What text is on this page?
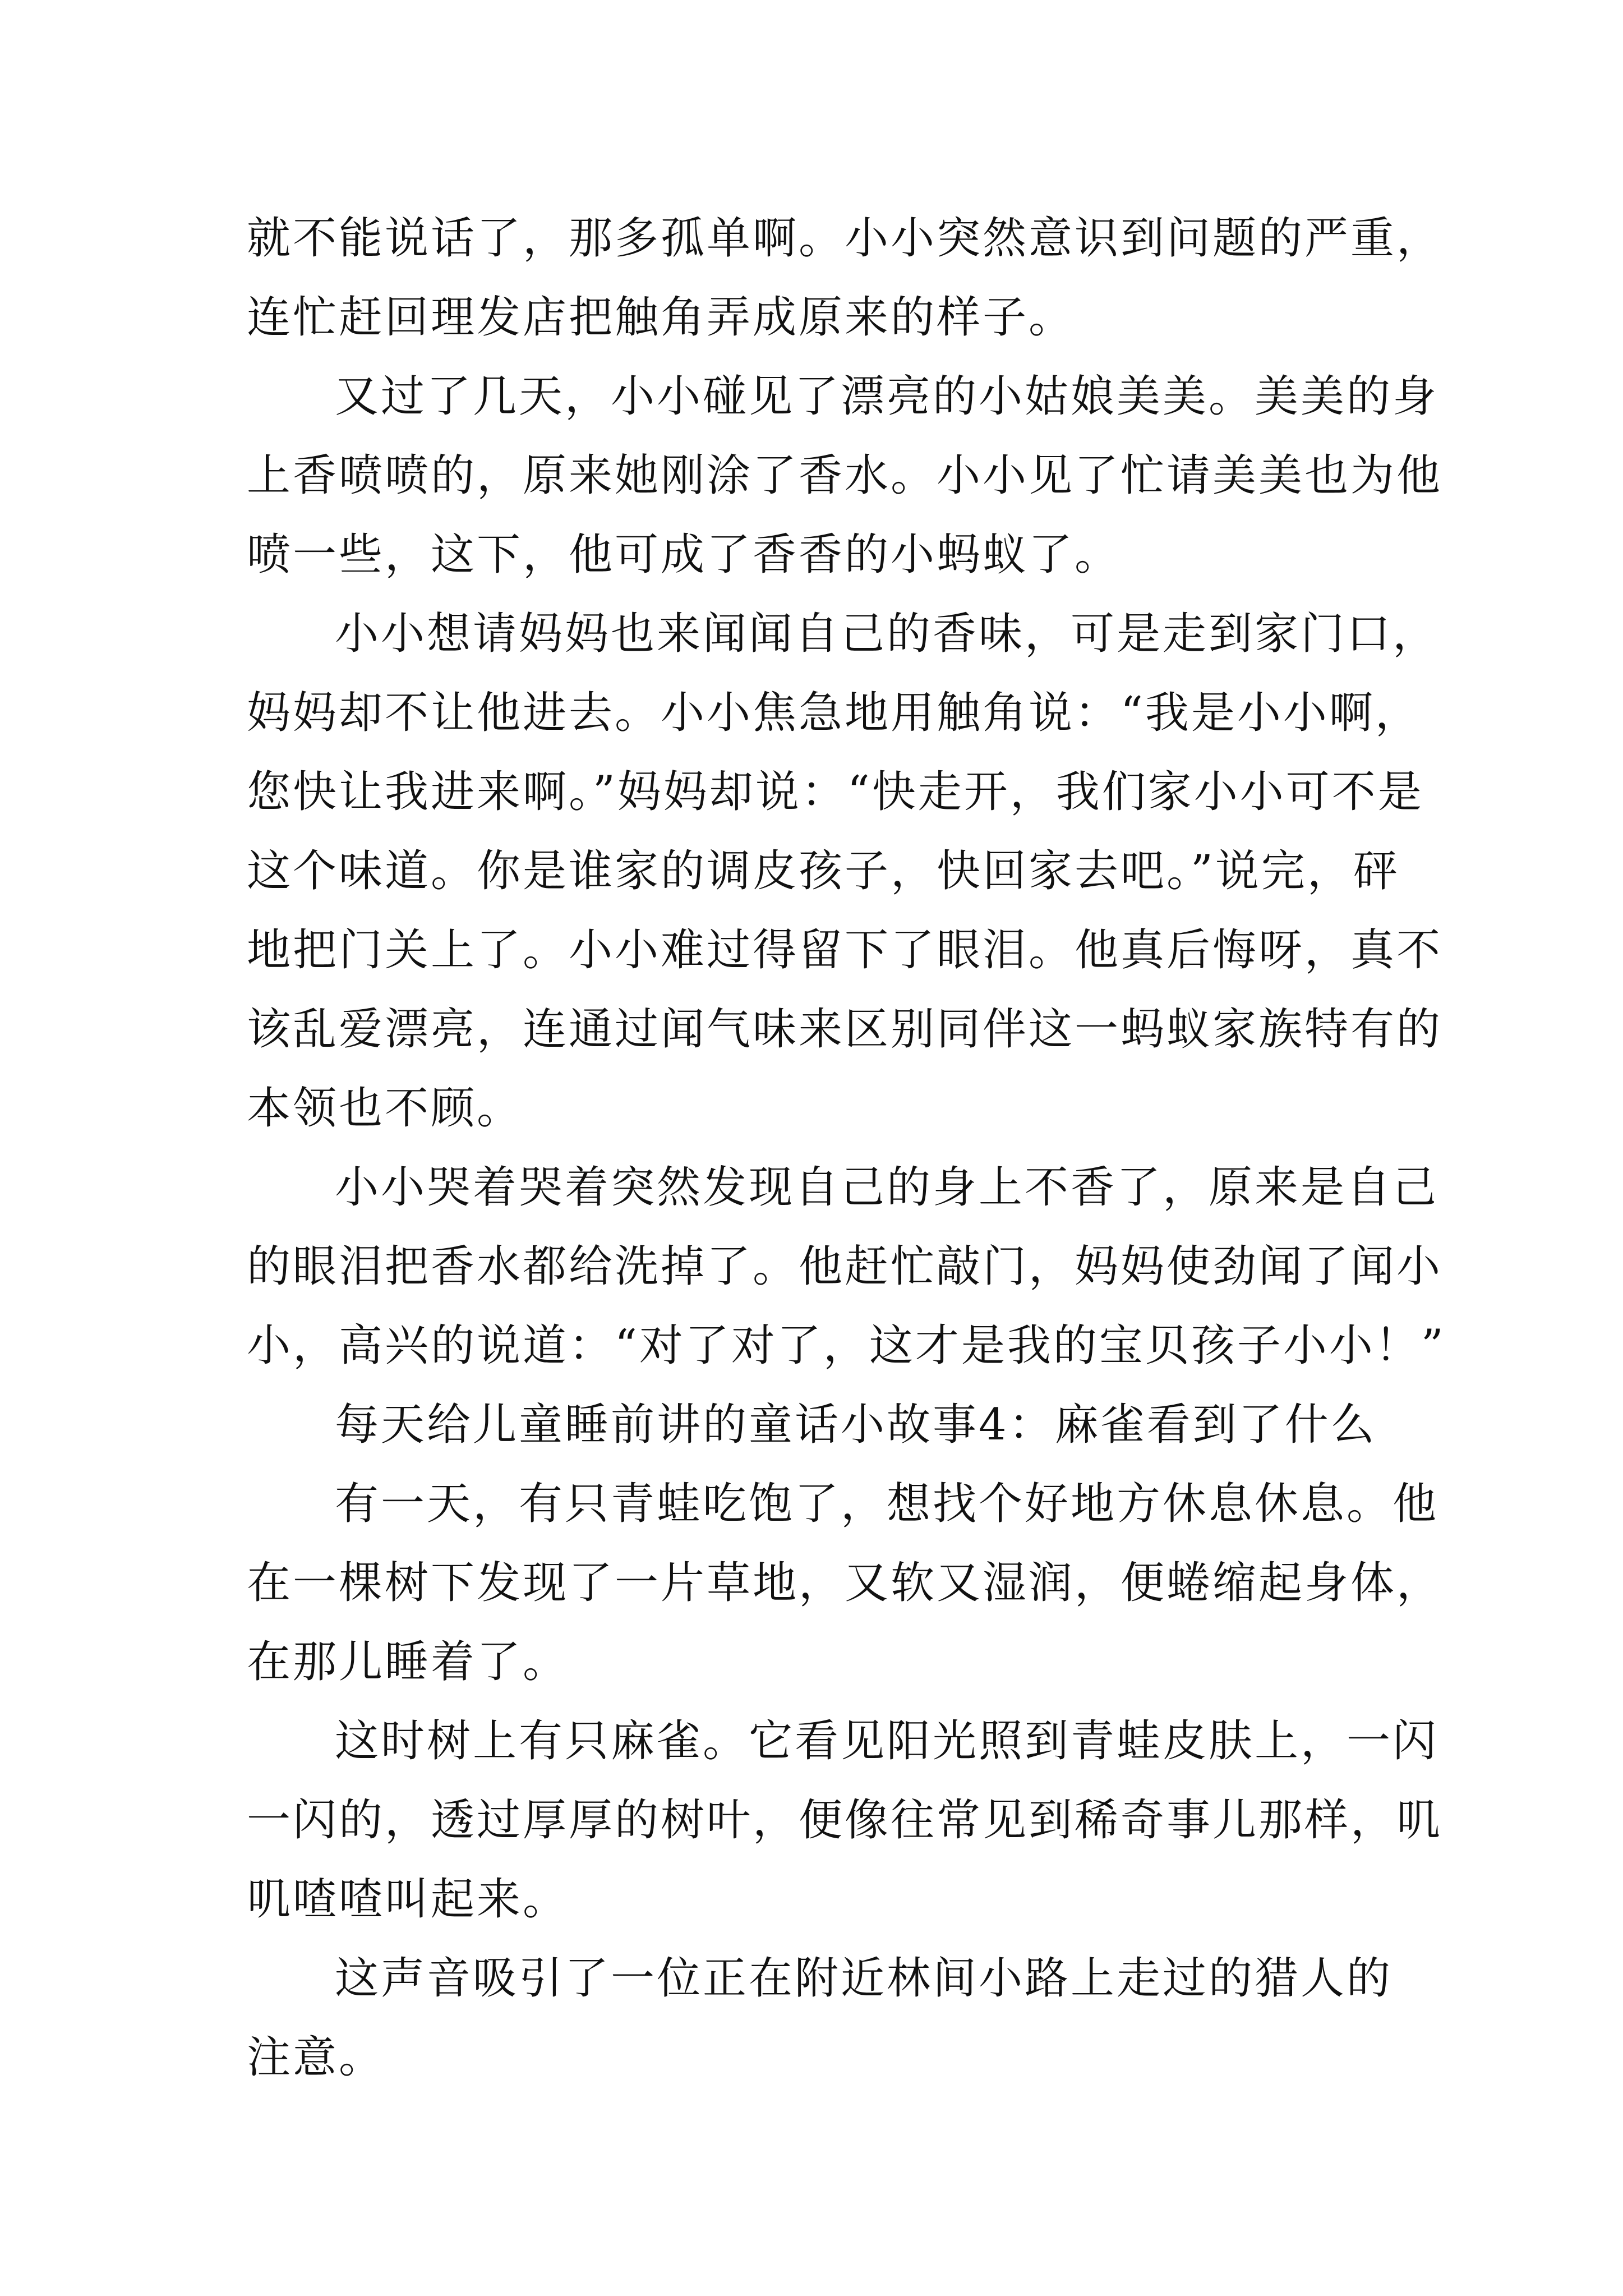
就不能说话了，那多孤单啊。小小突然意识到问题的严重，
连忙赶回理发店把触角弄成原来的样子。
又过了几天，小小碰见了漂亮的小姑娘美美。美美的身
上香喷喷的，原来她刚涂了香水。小小见了忙请美美也为他
喷一些，这下，他可成了香香的小蚂蚁了。
小小想请妈妈也来闻闻自己的香味，可是走到家门口，
妈妈却不让他进去。小小焦急地用触角说：“我是小小啊，
您快让我进来啊。”妈妈却说：“快走开，我们家小小可不是
这个味道。你是谁家的调皮孩子，快回家去吧。”说完，砰
地把门关上了。小小难过得留下了眼泪。他真后悔呀，真不
该乱爱漂亮，连通过闻气味来区别同伴这一蚂蚁家族特有的
本领也不顾。
小小哭着哭着突然发现自己的身上不香了，原来是自己
的眼泪把香水都给洗掉了。他赶忙敲门，妈妈使劲闻了闻小
小，高兴的说道：“对了对了，这才是我的宝贝孩子小小！”
每天给儿童睡前讲的童话小故事4：麻雀看到了什么
有一天，有只青蛙吃饱了，想找个好地方休息休息。他
在一棵树下发现了一片草地，又软又湿润，便蜷缩起身体，
在那儿睡着了。
这时树上有只麻雀。它看见阳光照到青蛙皮肤上，一闪
一闪的，透过厚厚的树叶，便像往常见到稀奇事儿那样，叽
叽喳喳叫起来。
这声音吸引了一位正在附近林间小路上走过的猎人的
注意。
